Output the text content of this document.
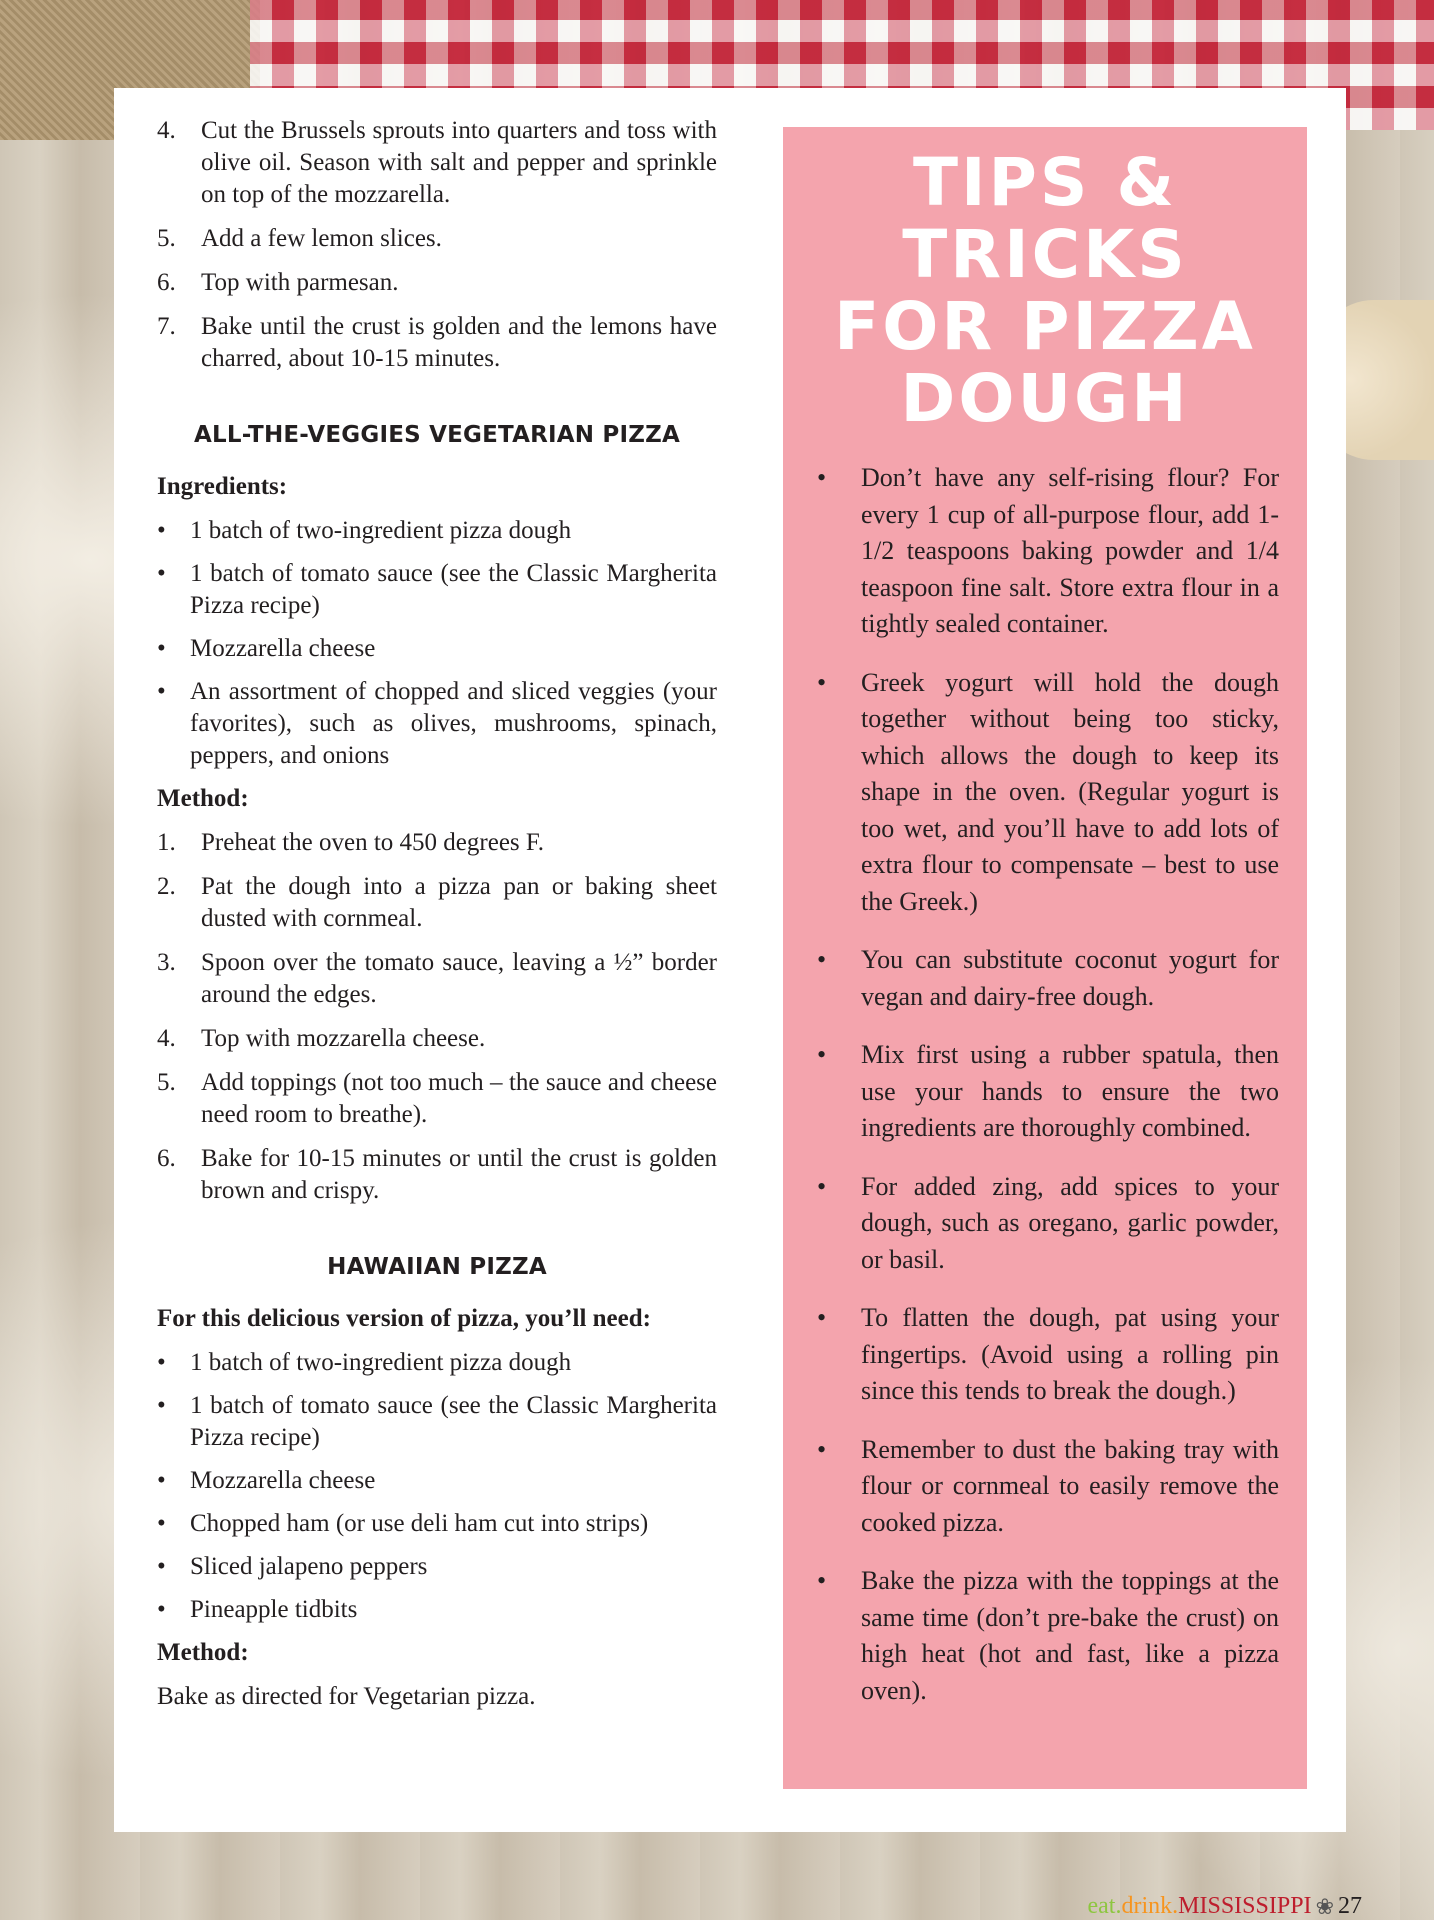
4.	Cut the Brussels sprouts into quarters and toss with olive oil. Season with salt and pepper and sprinkle on top of the mozzarella.
5.	Add a few lemon slices.
6.	Top with parmesan.
7.	Bake until the crust is golden and the lemons have charred, about 10-15 minutes.
ALL-THE-VEGGIES VEGETARIAN PIZZA
Ingredients:
• 1 batch of two-ingredient pizza dough
• 1 batch of tomato sauce (see the Classic Margherita Pizza recipe)
• Mozzarella cheese
• An assortment of chopped and sliced veggies (your favorites), such as olives, mushrooms, spinach, peppers, and onions
Method:
1.	Preheat the oven to 450 degrees F.
2.	Pat the dough into a pizza pan or baking sheet dusted with cornmeal.
3.	Spoon over the tomato sauce, leaving a ½” border around the edges.
4.	Top with mozzarella cheese.
5.	Add toppings (not too much – the sauce and cheese need room to breathe).
6.	Bake for 10-15 minutes or until the crust is golden brown and crispy.
HAWAIIAN PIZZA
For this delicious version of pizza, you’ll need:
• 1 batch of two-ingredient pizza dough
• 1 batch of tomato sauce (see the Classic Margherita Pizza recipe)
• Mozzarella cheese
• Chopped ham (or use deli ham cut into strips)
• Sliced jalapeno peppers
• Pineapple tidbits
Method:
Bake as directed for Vegetarian pizza.
TIPS &
TRICKS
FOR PIZZA
DOUGH
•	Don’t have any self-rising flour? For every 1 cup of all-purpose flour, add 1-1/2 teaspoons baking powder and 1/4 teaspoon fine salt. Store extra flour in a tightly sealed container.
•	Greek yogurt will hold the dough together without being too sticky, which allows the dough to keep its shape in the oven. (Regular yogurt is too wet, and you’ll have to add lots of extra flour to compensate – best to use the Greek.)
•	You can substitute coconut yogurt for vegan and dairy-free dough.
•	Mix first using a rubber spatula, then use your hands to ensure the two ingredients are thoroughly combined.
•	For added zing, add spices to your dough, such as oregano, garlic powder, or basil.
•	To flatten the dough, pat using your fingertips. (Avoid using a rolling pin since this tends to break the dough.)
•	Remember to dust the baking tray with flour or cornmeal to easily remove the cooked pizza.
•	Bake the pizza with the toppings at the same time (don’t pre-bake the crust) on high heat (hot and fast, like a pizza oven).
eat. drink. MISSISSIPPI ❀ 27
